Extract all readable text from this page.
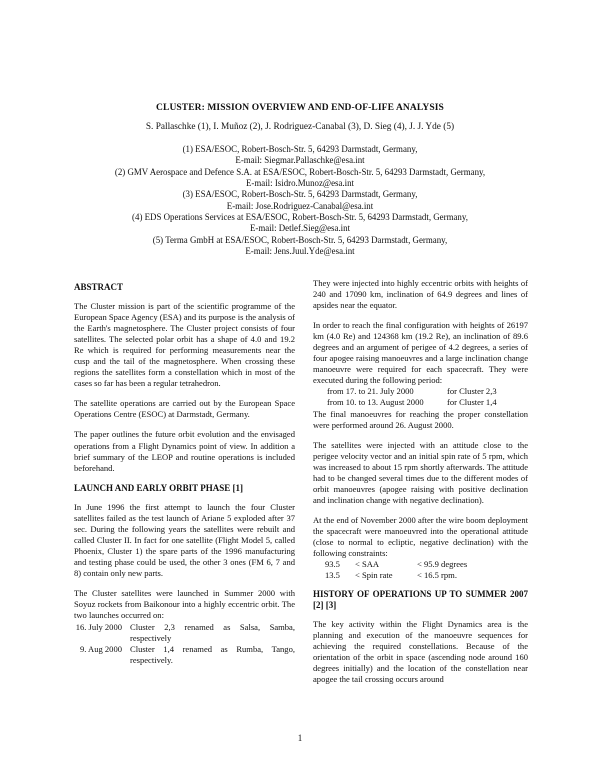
CLUSTER: MISSION OVERVIEW AND END-OF-LIFE ANALYSIS
S. Pallaschke (1), I. Muñoz (2), J. Rodriguez-Canabal (3), D. Sieg (4), J. J. Yde (5)
(1) ESA/ESOC, Robert-Bosch-Str. 5, 64293 Darmstadt, Germany,
E-mail: Siegmar.Pallaschke@esa.int
(2) GMV Aerospace and Defence S.A. at ESA/ESOC, Robert-Bosch-Str. 5, 64293 Darmstadt, Germany,
E-mail: Isidro.Munoz@esa.int
(3) ESA/ESOC, Robert-Bosch-Str. 5, 64293 Darmstadt, Germany,
E-mail: Jose.Rodriguez-Canabal@esa.int
(4) EDS Operations Services at ESA/ESOC, Robert-Bosch-Str. 5, 64293 Darmstadt, Germany,
E-mail: Detlef.Sieg@esa.int
(5) Terma GmbH at ESA/ESOC, Robert-Bosch-Str. 5, 64293 Darmstadt, Germany,
E-mail: Jens.Juul.Yde@esa.int
ABSTRACT

The Cluster mission is part of the scientific programme of the European Space Agency (ESA) and its purpose is the analysis of the Earth's magnetosphere. The Cluster project consists of four satellites. The selected polar orbit has a shape of 4.0 and 19.2 Re which is required for performing measurements near the cusp and the tail of the magnetosphere. When crossing these regions the satellites form a constellation which in most of the cases so far has been a regular tetrahedron.

The satellite operations are carried out by the European Space Operations Centre (ESOC) at Darmstadt, Germany.

The paper outlines the future orbit evolution and the envisaged operations from a Flight Dynamics point of view. In addition a brief summary of the LEOP and routine operations is included beforehand.

LAUNCH AND EARLY ORBIT PHASE [1]

In June 1996 the first attempt to launch the four Cluster satellites failed as the test launch of Ariane 5 exploded after 37 sec. During the following years the satellites were rebuilt and called Cluster II. In fact for one satellite (Flight Model 5, called Phoenix, Cluster 1) the spare parts of the 1996 manufacturing and testing phase could be used, the other 3 ones (FM 6, 7 and 8) contain only new parts.

The Cluster satellites were launched in Summer 2000 with Soyuz rockets from Baikonour into a highly eccentric orbit. The two launches occurred on:

16. July 2000 Cluster 2,3 renamed as Salsa, Samba, respectively
9. Aug 2000 Cluster 1,4 renamed as Rumba, Tango, respectively.

They were injected into highly eccentric orbits with heights of 240 and 17090 km, inclination of 64.9 degrees and lines of apsides near the equator.

In order to reach the final configuration with heights of 26197 km (4.0 Re) and 124368 km (19.2 Re), an inclination of 89.6 degrees and an argument of perigee of 4.2 degrees, a series of four apogee raising manoeuvres and a large inclination change manoeuvre were required for each spacecraft. They were executed during the following period:

from 17. to 21. July 2000	for Cluster 2,3
from 10. to 13. August 2000	for Cluster 1,4

The final manoeuvres for reaching the proper constellation were performed around 26. August 2000.

The satellites were injected with an attitude close to the perigee velocity vector and an initial spin rate of 5 rpm, which was increased to about 15 rpm shortly afterwards. The attitude had to be changed several times due to the different modes of orbit manoeuvres (apogee raising with positive declination and inclination change with negative declination).

At the end of November 2000 after the wire boom deployment the spacecraft were manoeuvred into the operational attitude (close to normal to ecliptic, negative declination) with the following constraints:

93.5	< SAA	< 95.9 degrees
13.5	< Spin rate	< 16.5 rpm.
HISTORY OF OPERATIONS UP TO SUMMER 2007 [2] [3]

The key activity within the Flight Dynamics area is the planning and execution of the manoeuvre sequences for achieving the required constellations. Because of the orientation of the orbit in space (ascending node around 160 degrees initially) and the location of the constellation near apogee the tail crossing occurs around

1
